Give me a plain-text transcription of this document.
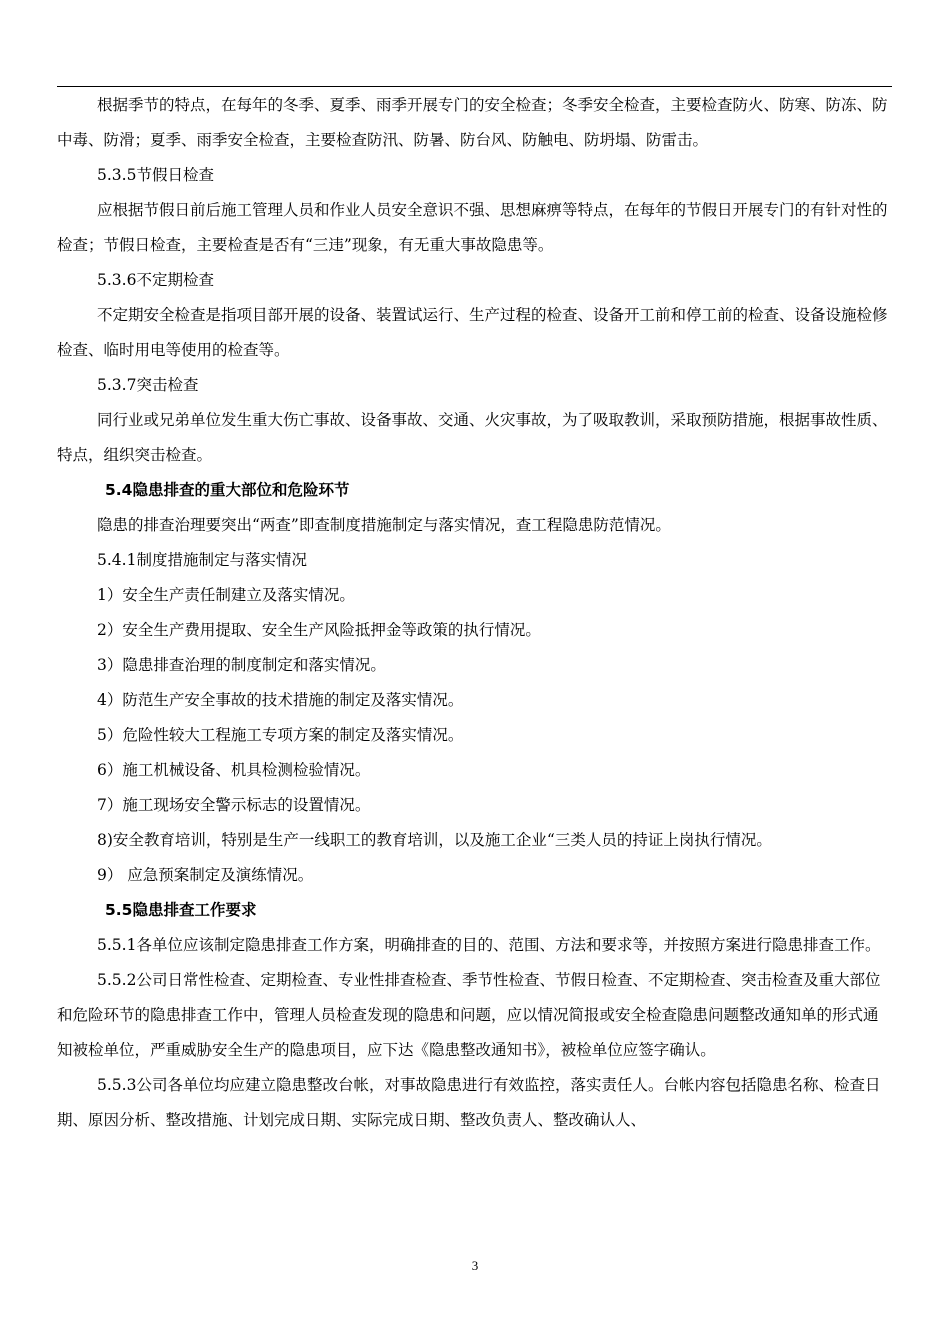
根据季节的特点，在每年的冬季、夏季、雨季开展专门的安全检查；冬季安全检查，主要检查防火、防寒、防冻、防中毒、防滑；夏季、雨季安全检查，主要检查防汛、防暑、防台风、防触电、防坍塌、防雷击。

5.3.5节假日检查

应根据节假日前后施工管理人员和作业人员安全意识不强、思想麻痹等特点，在每年的节假日开展专门的有针对性的检查；节假日检查，主要检查是否有“三违”现象，有无重大事故隐患等。

5.3.6不定期检查

不定期安全检查是指项目部开展的设备、装置试运行、生产过程的检查、设备开工前和停工前的检查、设备设施检修检查、临时用电等使用的检查等。

5.3.7突击检查

同行业或兄弟单位发生重大伤亡事故、设备事故、交通、火灾事故，为了吸取教训，采取预防措施，根据事故性质、特点，组织突击检查。

5.4隐患排查的重大部位和危险环节

隐患的排查治理要突出“两查”即查制度措施制定与落实情况，查工程隐患防范情况。

5.4.1制度措施制定与落实情况

1）安全生产责任制建立及落实情况。

2）安全生产费用提取、安全生产风险抵押金等政策的执行情况。

3）隐患排查治理的制度制定和落实情况。

4）防范生产安全事故的技术措施的制定及落实情况。

5）危险性较大工程施工专项方案的制定及落实情况。

6）施工机械设备、机具检测检验情况。

7）施工现场安全警示标志的设置情况。

8)安全教育培训，特别是生产一线职工的教育培训，以及施工企业“三类人员的持证上岗执行情况。

9） 应急预案制定及演练情况。

5.5隐患排查工作要求

5.5.1各单位应该制定隐患排查工作方案，明确排查的目的、范围、方法和要求等，并按照方案进行隐患排查工作。

5.5.2公司日常性检查、定期检查、专业性排查检查、季节性检查、节假日检查、不定期检查、突击检查及重大部位和危险环节的隐患排查工作中，管理人员检查发现的隐患和问题，应以情况简报或安全检查隐患问题整改通知单的形式通知被检单位，严重威胁安全生产的隐患项目，应下达《隐患整改通知书》，被检单位应签字确认。

5.5.3公司各单位均应建立隐患整改台帐，对事故隐患进行有效监控，落实责任人。台帐内容包括隐患名称、检查日期、原因分析、整改措施、计划完成日期、实际完成日期、整改负责人、整改确认人、

3
